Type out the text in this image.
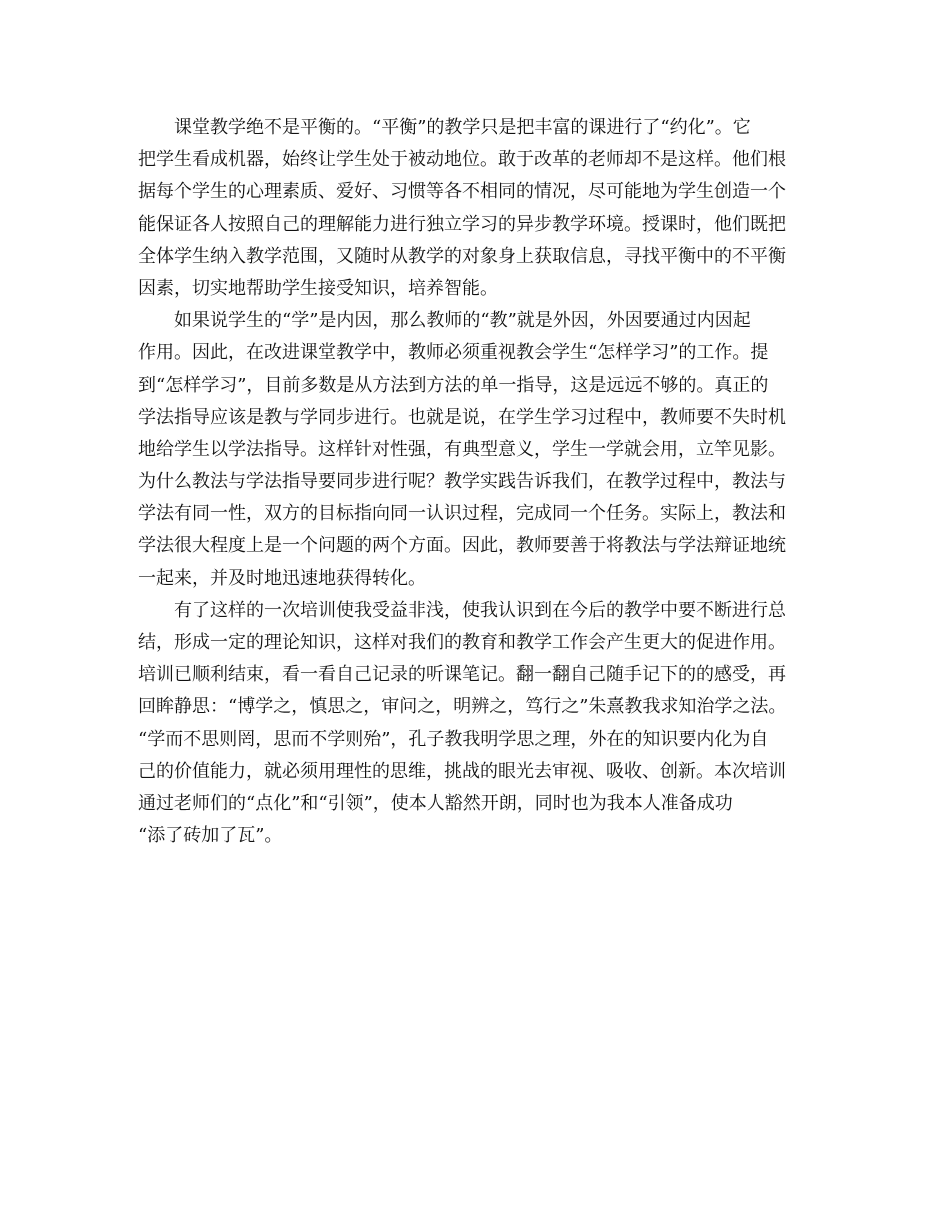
课堂教学绝不是平衡的。“平衡”的教学只是把丰富的课进行了“约化”。它
把学生看成机器，始终让学生处于被动地位。敢于改革的老师却不是这样。他们根
据每个学生的心理素质、爱好、习惯等各不相同的情况，尽可能地为学生创造一个
能保证各人按照自己的理解能力进行独立学习的异步教学环境。授课时，他们既把
全体学生纳入教学范围，又随时从教学的对象身上获取信息，寻找平衡中的不平衡
因素，切实地帮助学生接受知识，培养智能。
如果说学生的“学”是内因，那么教师的“教”就是外因，外因要通过内因起
作用。因此，在改进课堂教学中，教师必须重视教会学生“怎样学习”的工作。提
到“怎样学习”，目前多数是从方法到方法的单一指导，这是远远不够的。真正的
学法指导应该是教与学同步进行。也就是说，在学生学习过程中，教师要不失时机
地给学生以学法指导。这样针对性强，有典型意义，学生一学就会用，立竿见影。
为什么教法与学法指导要同步进行呢？教学实践告诉我们，在教学过程中，教法与
学法有同一性，双方的目标指向同一认识过程，完成同一个任务。实际上，教法和
学法很大程度上是一个问题的两个方面。因此，教师要善于将教法与学法辩证地统
一起来，并及时地迅速地获得转化。
有了这样的一次培训使我受益非浅，使我认识到在今后的教学中要不断进行总
结，形成一定的理论知识，这样对我们的教育和教学工作会产生更大的促进作用。
培训已顺利结束，看一看自己记录的听课笔记。翻一翻自己随手记下的的感受，再
回眸静思：“博学之，慎思之，审问之，明辨之，笃行之”朱熹教我求知治学之法。
“学而不思则罔，思而不学则殆”，孔子教我明学思之理，外在的知识要内化为自
己的价值能力，就必须用理性的思维，挑战的眼光去审视、吸收、创新。本次培训
通过老师们的“点化”和“引领”，使本人豁然开朗，同时也为我本人准备成功
“添了砖加了瓦”。
